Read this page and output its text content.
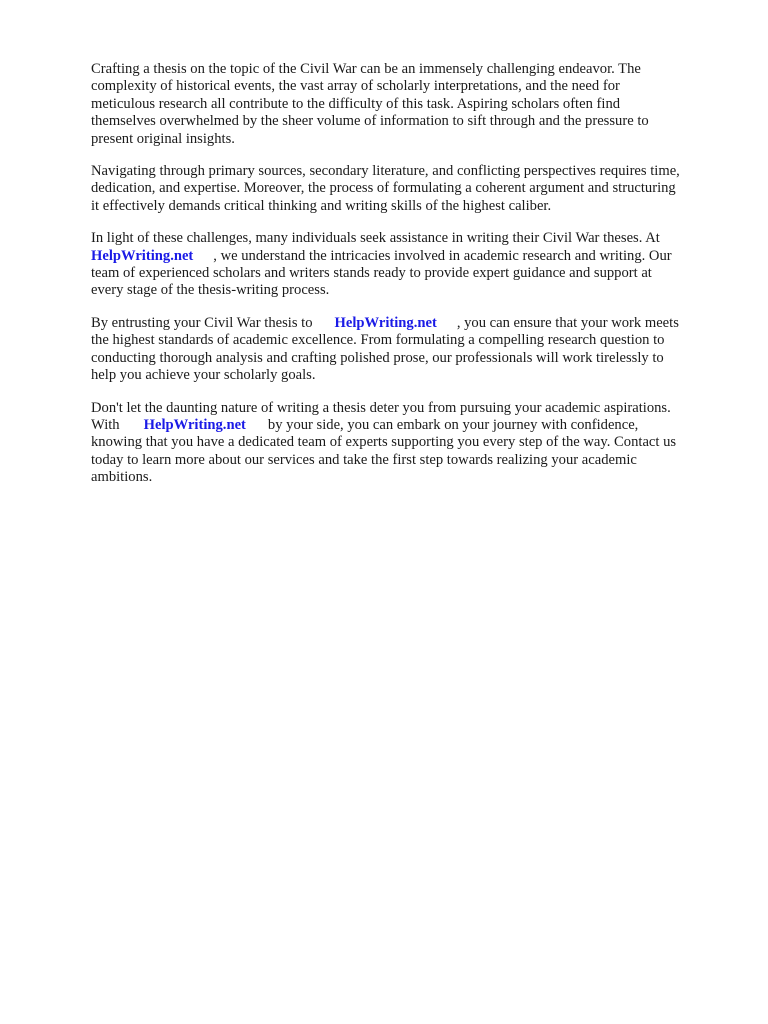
Crafting a thesis on the topic of the Civil War can be an immensely challenging endeavor. The
complexity of historical events, the vast array of scholarly interpretations, and the need for
meticulous research all contribute to the difficulty of this task. Aspiring scholars often find
themselves overwhelmed by the sheer volume of information to sift through and the pressure to
present original insights.

Navigating through primary sources, secondary literature, and conflicting perspectives requires time,
dedication, and expertise. Moreover, the process of formulating a coherent argument and structuring
it effectively demands critical thinking and writing skills of the highest caliber.

In light of these challenges, many individuals seek assistance in writing their Civil War theses. At
HelpWriting.net , we understand the intricacies involved in academic research and writing. Our
team of experienced scholars and writers stands ready to provide expert guidance and support at
every stage of the thesis-writing process.

By entrusting your Civil War thesis to HelpWriting.net , you can ensure that your work meets
the highest standards of academic excellence. From formulating a compelling research question to
conducting thorough analysis and crafting polished prose, our professionals will work tirelessly to
help you achieve your scholarly goals.

Don't let the daunting nature of writing a thesis deter you from pursuing your academic aspirations.
With HelpWriting.net by your side, you can embark on your journey with confidence,
knowing that you have a dedicated team of experts supporting you every step of the way. Contact us
today to learn more about our services and take the first step towards realizing your academic
ambitions.
